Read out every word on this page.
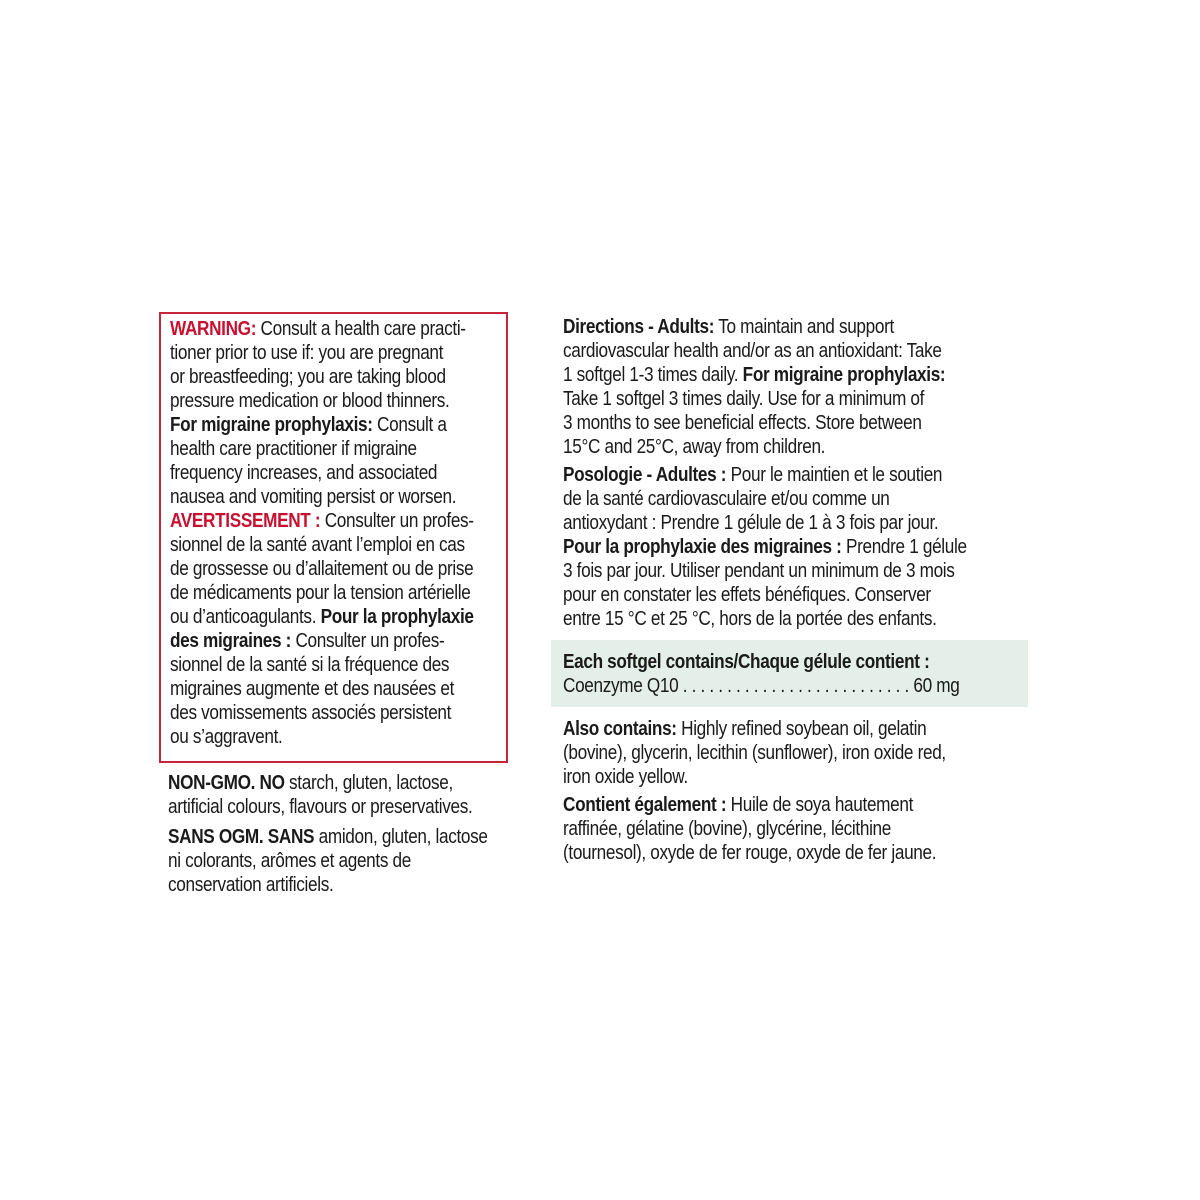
WARNING: Consult a health care practi-

tioner prior to use if: you are pregnant

or breastfeeding; you are taking blood

pressure medication or blood thinners.

For migraine prophylaxis: Consult a

health care practitioner if migraine

frequency increases, and associated

nausea and vomiting persist or worsen.

AVERTISSEMENT : Consulter un profes-

sionnel de la santé avant l’emploi en cas

de grossesse ou d’allaitement ou de prise

de médicaments pour la tension artérielle

ou d’anticoagulants. Pour la prophylaxie

des migraines : Consulter un profes-

sionnel de la santé si la fréquence des

migraines augmente et des nausées et

des vomissements associés persistent

ou s’aggravent.

NON-GMO. NO starch, gluten, lactose,

artificial colours, flavours or preservatives.

SANS OGM. SANS amidon, gluten, lactose

ni colorants, arômes et agents de

conservation artificiels.

Directions - Adults: To maintain and support

cardiovascular health and/or as an antioxidant: Take

1 softgel 1-3 times daily. For migraine prophylaxis:

Take 1 softgel 3 times daily. Use for a minimum of

3 months to see beneficial effects. Store between

15°C and 25°C, away from children.

Posologie - Adultes : Pour le maintien et le soutien

de la santé cardiovasculaire et/ou comme un

antioxydant : Prendre 1 gélule de 1 à 3 fois par jour.

Pour la prophylaxie des migraines : Prendre 1 gélule

3 fois par jour. Utiliser pendant un minimum de 3 mois

pour en constater les effets bénéfiques. Conserver

entre 15 °C et 25 °C, hors de la portée des enfants.

Each softgel contains/Chaque gélule contient :

Coenzyme Q10 . . . . . . . . . . . . . . . . . . . . . . . . . . 60 mg

Also contains: Highly refined soybean oil, gelatin

(bovine), glycerin, lecithin (sunflower), iron oxide red,

iron oxide yellow.

Contient également : Huile de soya hautement

raffinée, gélatine (bovine), glycérine, lécithine

(tournesol), oxyde de fer rouge, oxyde de fer jaune.
